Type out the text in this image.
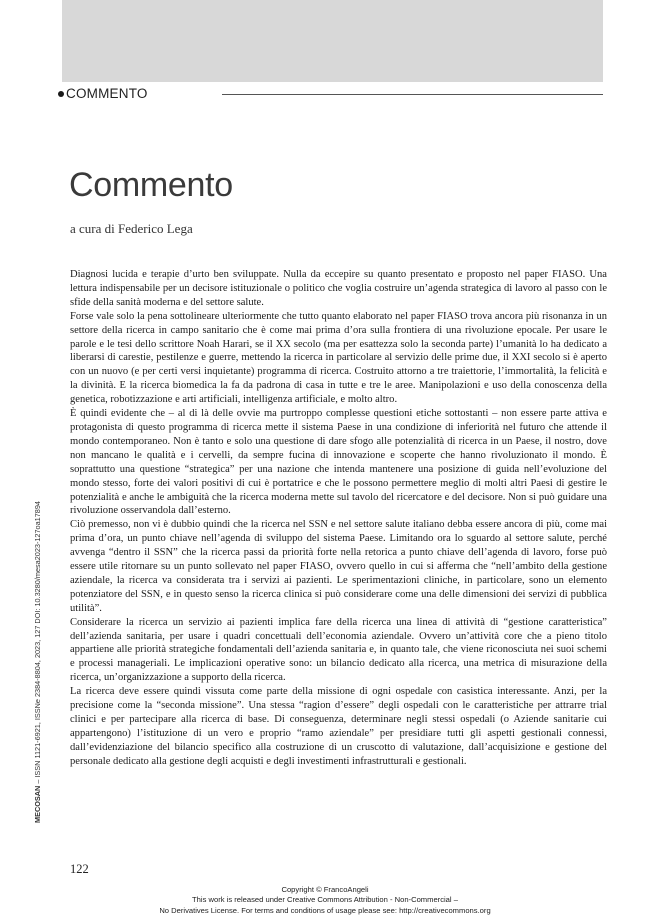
COMMENTO
Commento
a cura di Federico Lega
MECOSAN – ISSN 1121-6921, ISSNe 2384-8804, 2023, 127 DOI: 10.3280/mesa2023-127oa17894

Diagnosi lucida e terapie d’urto ben sviluppate. Nulla da eccepire su quanto presentato e proposto nel paper FIASO. Una lettura indispensabile per un decisore istituzionale o politico che voglia costruire un’agenda strategica di lavoro al passo con le sfide della sanità moderna e del settore salute.

Forse vale solo la pena sottolineare ulteriormente che tutto quanto elaborato nel paper FIASO trova ancora più risonanza in un settore della ricerca in campo sanitario che è come mai prima d’ora sulla frontiera di una rivoluzione epocale. Per usare le parole e le tesi dello scrittore Noah Harari, se il XX secolo (ma per esattezza solo la seconda parte) l’umanità lo ha dedicato a liberarsi di carestie, pestilenze e guerre, mettendo la ricerca in particolare al servizio delle prime due, il XXI secolo si è aperto con un nuovo (e per certi versi inquietante) programma di ricerca. Costruito attorno a tre traiettorie, l’immortalità, la felicità e la divinità. E la ricerca biomedica la fa da padrona di casa in tutte e tre le aree. Manipolazioni e uso della conoscenza della genetica, robotizzazione e arti artificiali, intelligenza artificiale, e molto altro.

È quindi evidente che – al di là delle ovvie ma purtroppo complesse questioni etiche sottostanti – non essere parte attiva e protagonista di questo programma di ricerca mette il sistema Paese in una condizione di inferiorità nel futuro che attende il mondo contemporaneo. Non è tanto e solo una questione di dare sfogo alle potenzialità di ricerca in un Paese, il nostro, dove non mancano le qualità e i cervelli, da sempre fucina di innovazione e scoperte che hanno rivoluzionato il mondo. È soprattutto una questione “strategica” per una nazione che intenda mantenere una posizione di guida nell’evoluzione del mondo stesso, forte dei valori positivi di cui è portatrice e che le possono permettere meglio di molti altri Paesi di gestire le potenzialità e anche le ambiguità che la ricerca moderna mette sul tavolo del ricercatore e del decisore. Non si può guidare una rivoluzione osservandola dall’esterno.

Ciò premesso, non vi è dubbio quindi che la ricerca nel SSN e nel settore salute italiano debba essere ancora di più, come mai prima d’ora, un punto chiave nell’agenda di sviluppo del sistema Paese. Limitando ora lo sguardo al settore salute, perché avvenga “dentro il SSN” che la ricerca passi da priorità forte nella retorica a punto chiave dell’agenda di lavoro, forse può essere utile ritornare su un punto sollevato nel paper FIASO, ovvero quello in cui si afferma che “nell’ambito della gestione aziendale, la ricerca va considerata tra i servizi ai pazienti. Le sperimentazioni cliniche, in particolare, sono un elemento potenziatore del SSN, e in questo senso la ricerca clinica si può considerare come una delle dimensioni dei servizi di pubblica utilità”.

Considerare la ricerca un servizio ai pazienti implica fare della ricerca una linea di attività di “gestione caratteristica” dell’azienda sanitaria, per usare i quadri concettuali dell’economia aziendale. Ovvero un’attività core che a pieno titolo appartiene alle priorità strategiche fondamentali dell’azienda sanitaria e, in quanto tale, che viene riconosciuta nei suoi schemi e processi manageriali. Le implicazioni operative sono: un bilancio dedicato alla ricerca, una metrica di misurazione della ricerca, un’organizzazione a supporto della ricerca.

La ricerca deve essere quindi vissuta come parte della missione di ogni ospedale con casistica interessante. Anzi, per la precisione come la “seconda missione”. Una stessa “ragion d’essere” degli ospedali con le caratteristiche per attrarre trial clinici e per partecipare alla ricerca di base. Di conseguenza, determinare negli stessi ospedali (o Aziende sanitarie cui appartengono) l’istituzione di un vero e proprio “ramo aziendale” per presidiare tutti gli aspetti gestionali connessi, dall’evidenziazione del bilancio specifico alla costruzione di un cruscotto di valutazione, dall’acquisizione e gestione del personale dedicato alla gestione degli acquisti e degli investimenti infrastrutturali e gestionali.

122
Copyright © FrancoAngeli
This work is released under Creative Commons Attribution - Non-Commercial –
No Derivatives License. For terms and conditions of usage please see: http://creativecommons.org
